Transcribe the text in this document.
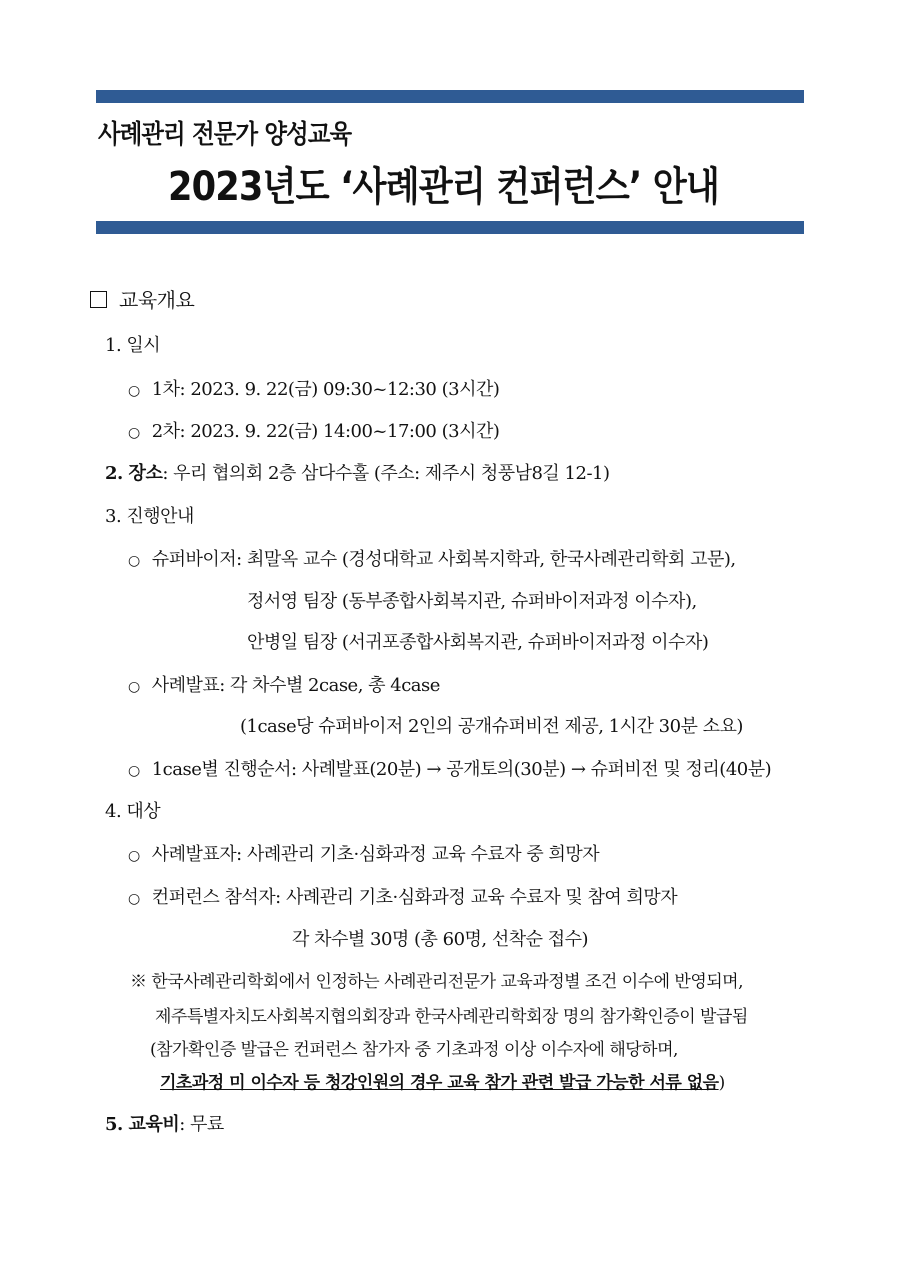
사례관리 전문가 양성교육
2023년도 ‘사례관리 컨퍼런스’ 안내
교육개요
1. 일시
○ 1차: 2023. 9. 22(금) 09:30~12:30 (3시간)
○ 2차: 2023. 9. 22(금) 14:00~17:00 (3시간)
2. 장소: 우리 협의회 2층 삼다수홀 (주소: 제주시 청풍남8길 12-1)
3. 진행안내
○ 슈퍼바이저: 최말옥 교수 (경성대학교 사회복지학과, 한국사례관리학회 고문),
정서영 팀장 (동부종합사회복지관, 슈퍼바이저과정 이수자),
안병일 팀장 (서귀포종합사회복지관, 슈퍼바이저과정 이수자)
○ 사례발표: 각 차수별 2case, 총 4case
(1case당 슈퍼바이저 2인의 공개슈퍼비전 제공, 1시간 30분 소요)
○ 1case별 진행순서: 사례발표(20분) → 공개토의(30분) → 슈퍼비전 및 정리(40분)
4. 대상
○ 사례발표자: 사례관리 기초·심화과정 교육 수료자 중 희망자
○ 컨퍼런스 참석자: 사례관리 기초·심화과정 교육 수료자 및 참여 희망자
각 차수별 30명 (총 60명, 선착순 접수)
※ 한국사례관리학회에서 인정하는 사례관리전문가 교육과정별 조건 이수에 반영되며,
제주특별자치도사회복지협의회장과 한국사례관리학회장 명의 참가확인증이 발급됨
(참가확인증 발급은 컨퍼런스 참가자 중 기초과정 이상 이수자에 해당하며,
기초과정 미 이수자 등 청강인원의 경우 교육 참가 관련 발급 가능한 서류 없음)
5. 교육비: 무료
